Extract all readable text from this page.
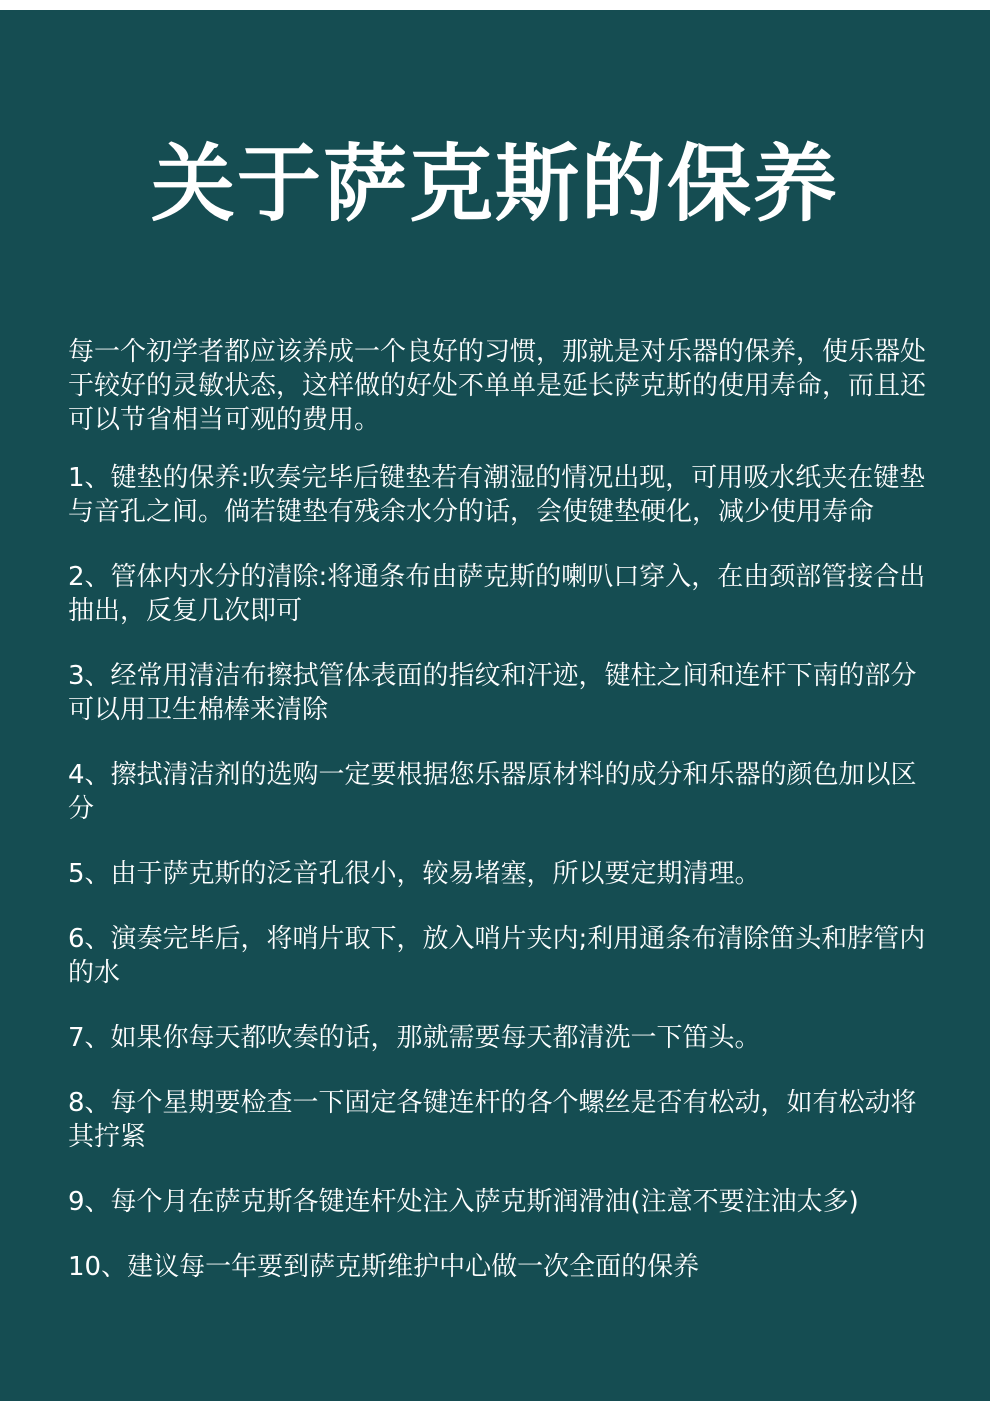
关于萨克斯的保养

每一个初学者都应该养成一个良好的习惯，那就是对乐器的保养，使乐器处于较好的灵敏状态，这样做的好处不单单是延长萨克斯的使用寿命，而且还可以节省相当可观的费用。

1、键垫的保养:吹奏完毕后键垫若有潮湿的情况出现，可用吸水纸夹在键垫与音孔之间。倘若键垫有残余水分的话，会使键垫硬化，减少使用寿命

2、管体内水分的清除:将通条布由萨克斯的喇叭口穿入，在由颈部管接合出抽出，反复几次即可

3、经常用清洁布擦拭管体表面的指纹和汗迹，键柱之间和连杆下南的部分可以用卫生棉棒来清除

4、擦拭清洁剂的选购一定要根据您乐器原材料的成分和乐器的颜色加以区分

5、由于萨克斯的泛音孔很小，较易堵塞，所以要定期清理。

6、演奏完毕后，将哨片取下，放入哨片夹内;利用通条布清除笛头和脖管内的水

7、如果你每天都吹奏的话，那就需要每天都清洗一下笛头。

8、每个星期要检查一下固定各键连杆的各个螺丝是否有松动，如有松动将其拧紧

9、每个月在萨克斯各键连杆处注入萨克斯润滑油(注意不要注油太多)

10、建议每一年要到萨克斯维护中心做一次全面的保养
